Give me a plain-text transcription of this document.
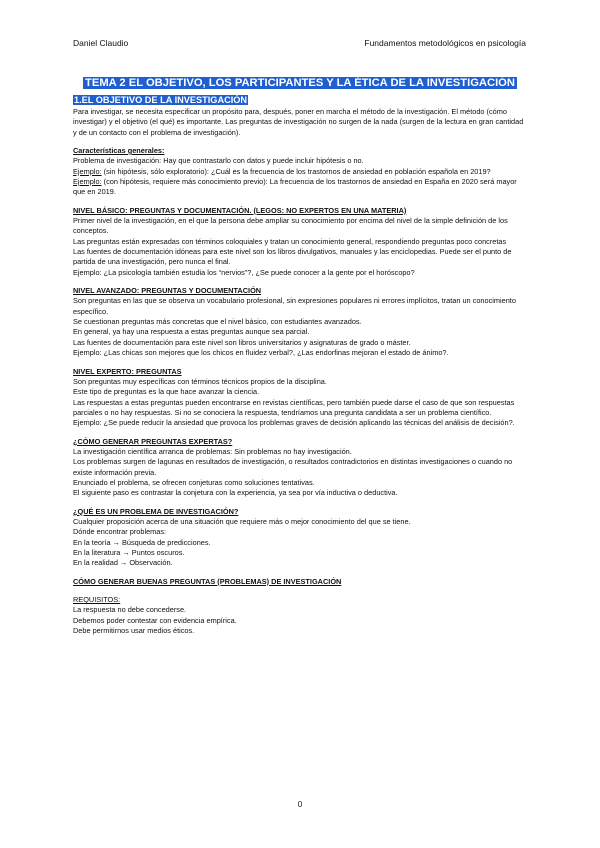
Daniel Claudio	Fundamentos metodológicos en psicología
TEMA 2 EL OBJETIVO, LOS PARTICIPANTES Y LA ÉTICA DE LA INVESTIGACIÓN
1.EL OBJETIVO DE LA INVESTIGACIÓN

Para investigar, se necesita especificar un propósito para, después, poner en marcha el método de la investigación. El método (cómo investigar) y el objetivo (el qué) es importante. Las preguntas de investigación no surgen de la nada (surgen de la lectura en gran cantidad y de un contacto con el problema de investigación).

Características generales:

Problema de investigación: Hay que contrastarlo con datos y puede incluir hipótesis o no.

Ejemplo: (sin hipótesis, sólo exploratorio): ¿Cuál es la frecuencia de los trastornos de ansiedad en población española en 2019?

Ejemplo: (con hipótesis, requiere más conocimiento previo): La frecuencia de los trastornos de ansiedad en España en 2020 será mayor que en 2019.

NIVEL BÁSICO: PREGUNTAS Y DOCUMENTACIÓN. (LEGOS: NO EXPERTOS EN UNA MATERIA)

Primer nivel de la investigación, en el que la persona debe ampliar su conocimiento por encima del nivel de la simple definición de los conceptos.

Las preguntas están expresadas con términos coloquiales y tratan un conocimiento general, respondiendo preguntas poco concretas

Las fuentes de documentación idóneas para este nivel son los libros divulgativos, manuales y las enciclopedias. Puede ser el punto de partida de una investigación, pero nunca el final.

Ejemplo: ¿La psicología también estudia los “nervios”?, ¿Se puede conocer a la gente por el horóscopo?

NIVEL AVANZADO: PREGUNTAS Y DOCUMENTACIÓN

Son preguntas en las que se observa un vocabulario profesional, sin expresiones populares ni errores implícitos, tratan un conocimiento específico.

Se cuestionan preguntas más concretas que el nivel básico, con estudiantes avanzados.

En general, ya hay una respuesta a estas preguntas aunque sea parcial.

Las fuentes de documentación para este nivel son libros universitarios y asignaturas de grado o máster.

Ejemplo: ¿Las chicas son mejores que los chicos en fluidez verbal?, ¿Las endorfinas mejoran el estado de ánimo?.

NIVEL EXPERTO: PREGUNTAS

Son preguntas muy específicas con términos técnicos propios de la disciplina.

Este tipo de preguntas es la que hace avanzar la ciencia.

Las respuestas a estas preguntas pueden encontrarse en revistas científicas, pero también puede darse el caso de que son respuestas parciales o no hay respuestas. Si no se conociera la respuesta, tendríamos una pregunta candidata a ser un problema científico.

Ejemplo: ¿Se puede reducir la ansiedad que provoca los problemas graves de decisión aplicando las técnicas del análisis de decisión?.

¿CÓMO GENERAR PREGUNTAS EXPERTAS?

La investigación científica arranca de problemas: Sin problemas no hay investigación.

Los problemas surgen de lagunas en resultados de investigación, o resultados contradictorios en distintas investigaciones o cuando no existe información previa.

Enunciado el problema, se ofrecen conjeturas como soluciones tentativas.

El siguiente paso es contrastar la conjetura con la experiencia, ya sea por vía inductiva o deductiva.

¿QUÉ ES UN PROBLEMA DE INVESTIGACIÓN?

Cualquier proposición acerca de una situación que requiere más o mejor conocimiento del que se tiene.

Dónde encontrar problemas:

En la teoría → Búsqueda de predicciones.

En la literatura → Puntos oscuros.

En la realidad → Observación.

CÓMO GENERAR BUENAS PREGUNTAS (PROBLEMAS) DE INVESTIGACIÓN

REQUISITOS:

La respuesta no debe concederse.

Debemos poder contestar con evidencia empírica.

Debe permitirnos usar medios éticos.

0
